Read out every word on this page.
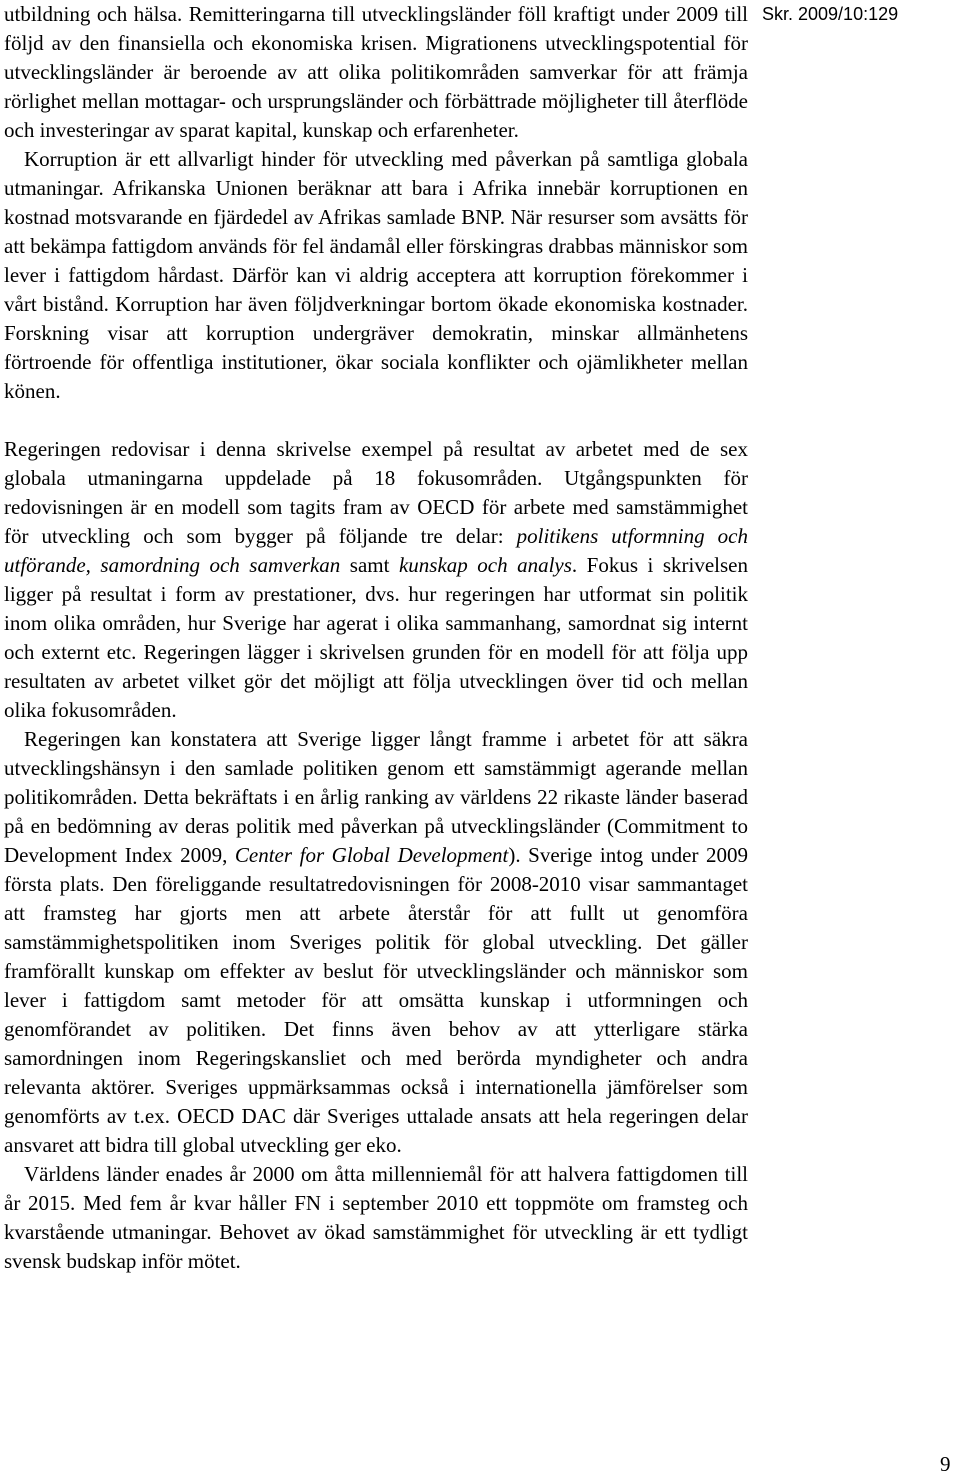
Skr. 2009/10:129

utbildning och hälsa. Remitteringarna till utvecklingsländer föll kraftigt under 2009 till följd av den finansiella och ekonomiska krisen. Migrationens utvecklingspotential för utvecklingsländer är beroende av att olika politikområden samverkar för att främja rörlighet mellan mottagar- och ursprungsländer och förbättrade möjligheter till återflöde och investeringar av sparat kapital, kunskap och erfarenheter.

Korruption är ett allvarligt hinder för utveckling med påverkan på samtliga globala utmaningar. Afrikanska Unionen beräknar att bara i Afrika innebär korruptionen en kostnad motsvarande en fjärdedel av Afrikas samlade BNP. När resurser som avsätts för att bekämpa fattigdom används för fel ändamål eller förskingras drabbas människor som lever i fattigdom hårdast. Därför kan vi aldrig acceptera att korruption förekommer i vårt bistånd. Korruption har även följdverkningar bortom ökade ekonomiska kostnader. Forskning visar att korruption undergräver demokratin, minskar allmänhetens förtroende för offentliga institutioner, ökar sociala konflikter och ojämlikheter mellan könen.

Regeringen redovisar i denna skrivelse exempel på resultat av arbetet med de sex globala utmaningarna uppdelade på 18 fokusområden. Utgångspunkten för redovisningen är en modell som tagits fram av OECD för arbete med samstämmighet för utveckling och som bygger på följande tre delar: politikens utformning och utförande, samordning och samverkan samt kunskap och analys. Fokus i skrivelsen ligger på resultat i form av prestationer, dvs. hur regeringen har utformat sin politik inom olika områden, hur Sverige har agerat i olika sammanhang, samordnat sig internt och externt etc. Regeringen lägger i skrivelsen grunden för en modell för att följa upp resultaten av arbetet vilket gör det möjligt att följa utvecklingen över tid och mellan olika fokusområden.

Regeringen kan konstatera att Sverige ligger långt framme i arbetet för att säkra utvecklingshänsyn i den samlade politiken genom ett samstämmigt agerande mellan politikområden. Detta bekräftats i en årlig ranking av världens 22 rikaste länder baserad på en bedömning av deras politik med påverkan på utvecklingsländer (Commitment to Development Index 2009, Center for Global Development). Sverige intog under 2009 första plats. Den föreliggande resultatredovisningen för 2008-2010 visar sammantaget att framsteg har gjorts men att arbete återstår för att fullt ut genomföra samstämmighetspolitiken inom Sveriges politik för global utveckling. Det gäller framförallt kunskap om effekter av beslut för utvecklingsländer och människor som lever i fattigdom samt metoder för att omsätta kunskap i utformningen och genomförandet av politiken. Det finns även behov av att ytterligare stärka samordningen inom Regeringskansliet och med berörda myndigheter och andra relevanta aktörer. Sveriges uppmärksammas också i internationella jämförelser som genomförts av t.ex. OECD DAC där Sveriges uttalade ansats att hela regeringen delar ansvaret att bidra till global utveckling ger eko.

Världens länder enades år 2000 om åtta millenniemål för att halvera fattigdomen till år 2015. Med fem år kvar håller FN i september 2010 ett toppmöte om framsteg och kvarstående utmaningar. Behovet av ökad samstämmighet för utveckling är ett tydligt svensk budskap inför mötet.

9
